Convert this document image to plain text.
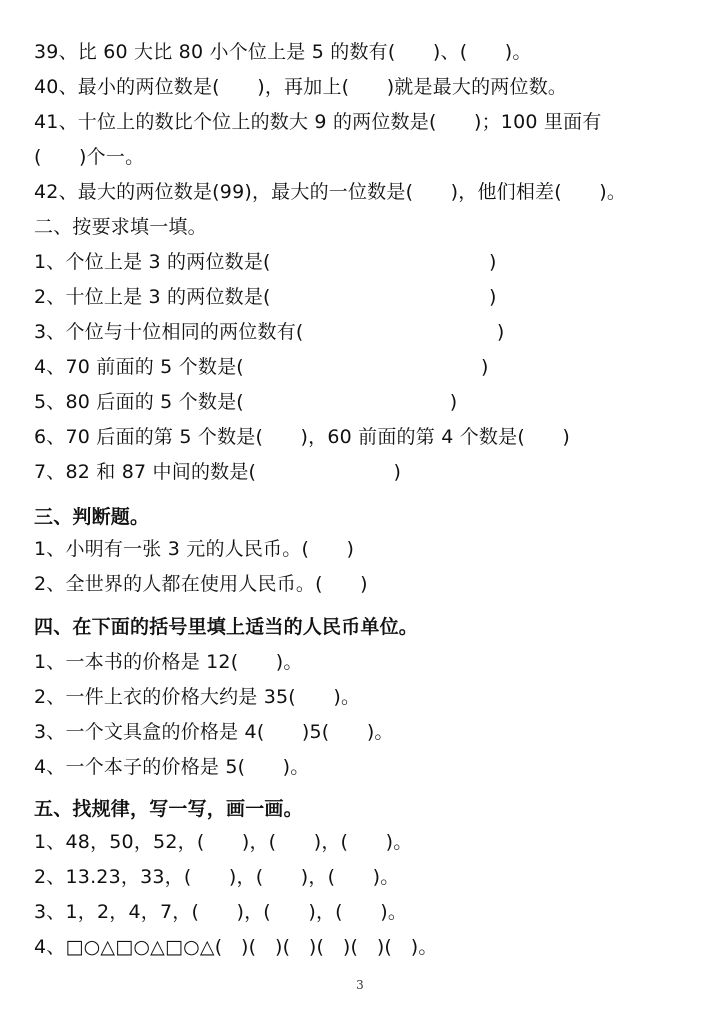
39、比 60 大比 80 小个位上是 5 的数有(      )、(      )。
40、最小的两位数是(      )，再加上(      )就是最大的两位数。
41、十位上的数比个位上的数大 9 的两位数是(      )；100 里面有
(      )个一。
42、最大的两位数是(99)，最大的一位数是(      )，他们相差(      )。
二、按要求填一填。
1、个位上是 3 的两位数是(                                   )
2、十位上是 3 的两位数是(                                   )
3、个位与十位相同的两位数有(                               )
4、70 前面的 5 个数是(                                      )
5、80 后面的 5 个数是(                                 )
6、70 后面的第 5 个数是(      )，60 前面的第 4 个数是(      )
7、82 和 87 中间的数是(                      )
三、判断题。
1、小明有一张 3 元的人民币。(      )
2、全世界的人都在使用人民币。(      )
四、在下面的括号里填上适当的人民币单位。
1、一本书的价格是 12(      )。
2、一件上衣的价格大约是 35(      )。
3、一个文具盒的价格是 4(      )5(      )。
4、一个本子的价格是 5(      )。
五、找规律，写一写，画一画。
1、48，50，52，(      )，(      )，(      )。
2、13.23，33，(      )，(      )，(      )。
3、1，2，4，7，(      )，(      )，(      )。
4、□○△□○△□○△(   )(   )(   )(   )(   )(   )。
3
